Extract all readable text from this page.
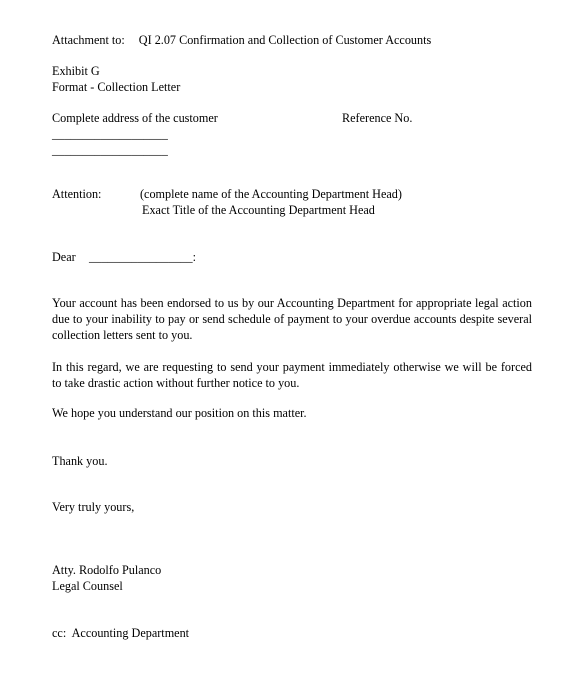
Attachment to: QI 2.07 Confirmation and Collection of Customer Accounts
Exhibit G
Format - Collection Letter
Complete address of the customer	Reference No.
___________________
___________________
Attention:	(complete name of the Accounting Department Head)
Exact Title of the Accounting Department Head
Dear _________________:
Your account has been endorsed to us by our Accounting Department for appropriate legal action due to your inability to pay or send schedule of payment to your overdue accounts despite several collection letters sent to you.
In this regard, we are requesting to send your payment immediately otherwise we will be forced to take drastic action without further notice to you.
We hope you understand our position on this matter.
Thank you.
Very truly yours,
Atty. Rodolfo Pulanco
Legal Counsel
cc:  Accounting Department
